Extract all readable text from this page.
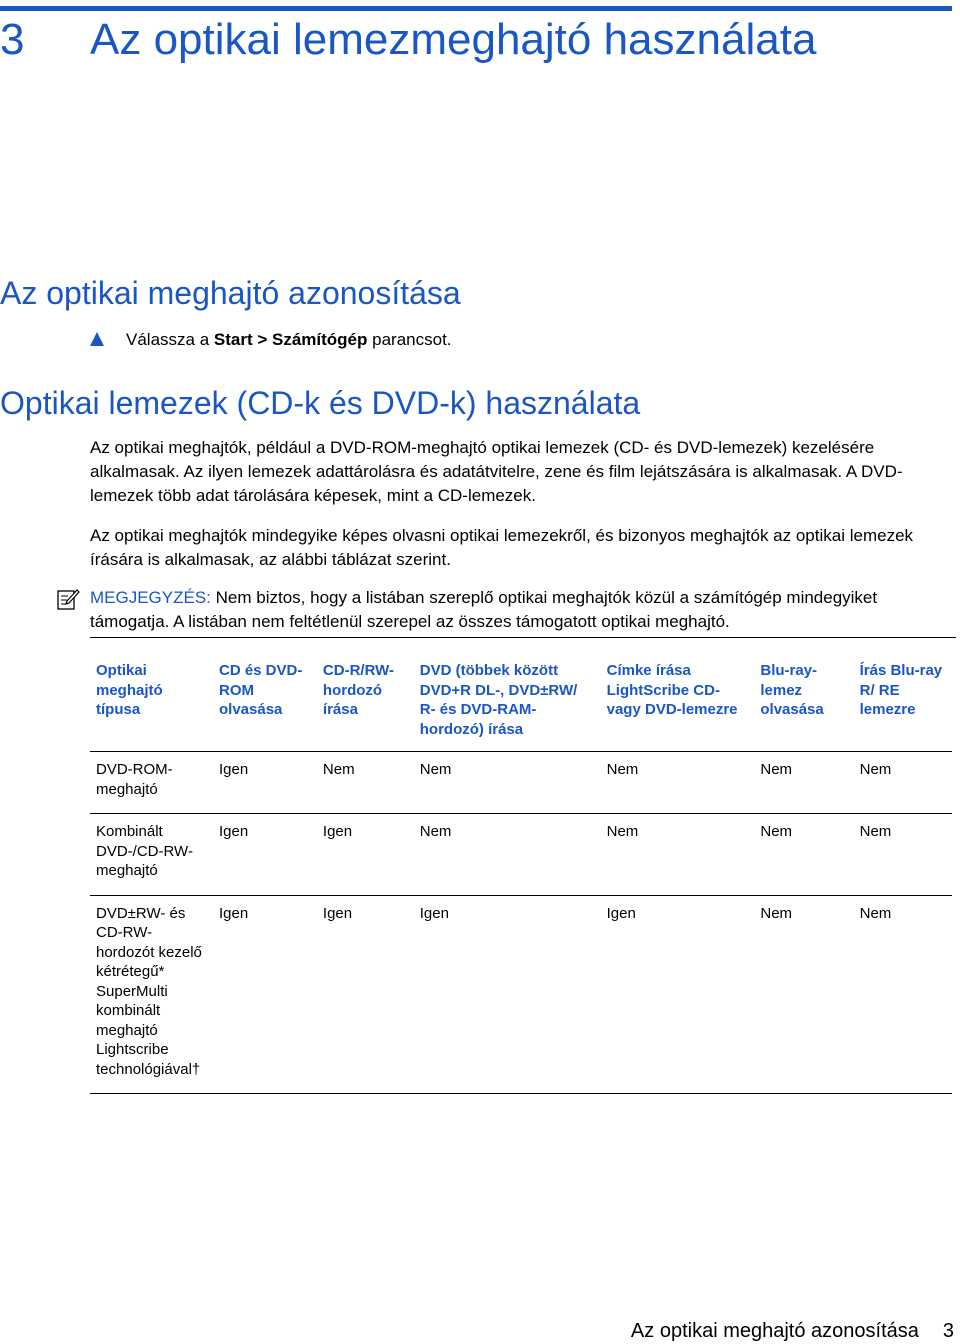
3 Az optikai lemezmeghajtó használata
Az optikai meghajtó azonosítása
Válassza a Start > Számítógép parancsot.
Optikai lemezek (CD-k és DVD-k) használata
Az optikai meghajtók, például a DVD-ROM-meghajtó optikai lemezek (CD- és DVD-lemezek) kezelésére alkalmasak. Az ilyen lemezek adattárolásra és adatátvitelre, zene és film lejátszására is alkalmasak. A DVD-lemezek több adat tárolására képesek, mint a CD-lemezek.
Az optikai meghajtók mindegyike képes olvasni optikai lemezekről, és bizonyos meghajtók az optikai lemezek írására is alkalmasak, az alábbi táblázat szerint.
MEGJEGYZÉS: Nem biztos, hogy a listában szereplő optikai meghajtók közül a számítógép mindegyiket támogatja. A listában nem feltétlenül szerepel az összes támogatott optikai meghajtó.
Optikai meghajtó típusa	CD és DVD-ROM olvasása	CD-R/RW-hordozó írása	DVD (többek között DVD+R DL-, DVD±RW/ R- és DVD-RAM-hordozó) írása	Címke írása LightScribe CD- vagy DVD-lemezre	Blu-ray-lemez olvasása	Írás Blu-ray R/ RE lemezre
DVD-ROM-meghajtó	Igen	Nem	Nem	Nem	Nem	Nem
Kombinált DVD-/CD-RW-meghajtó	Igen	Igen	Nem	Nem	Nem	Nem
DVD±RW- és CD-RW-hordozót kezelő kétrétegű* SuperMulti kombinált meghajtó Lightscribe technológiával†	Igen	Igen	Igen	Igen	Nem	Nem
Az optikai meghajtó azonosítása 3
